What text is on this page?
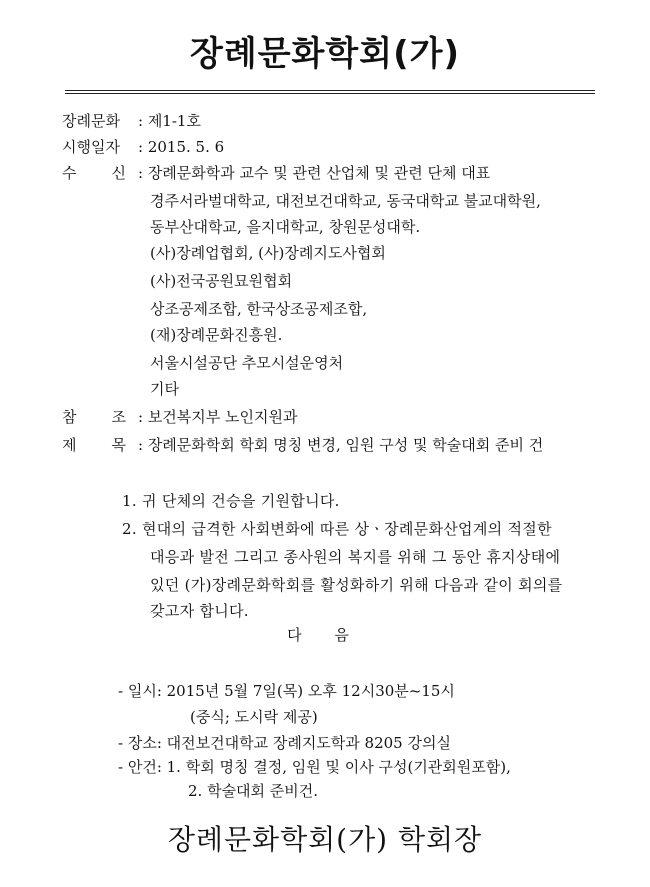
장례문화학회(가)
장례문화 : 제1-1호
시행일자 : 2015. 5. 6
수 신 : 장례문화학과 교수 및 관련 산업체 및 관련 단체 대표
경주서라벌대학교, 대전보건대학교, 동국대학교 불교대학원,
동부산대학교, 을지대학교, 창원문성대학.
(사)장례업협회, (사)장례지도사협회
(사)전국공원묘원협회
상조공제조합, 한국상조공제조합,
(재)장례문화진흥원.
서울시설공단 추모시설운영처
기타
참 조 : 보건복지부 노인지원과
제 목 : 장례문화학회 학회 명칭 변경, 임원 구성 및 학술대회 준비 건
1. 귀 단체의 건승을 기원합니다.
2. 현대의 급격한 사회변화에 따른 상ㆍ장례문화산업계의 적절한
대응과 발전 그리고 종사원의 복지를 위해 그 동안 휴지상태에
있던 (가)장례문화학회를 활성화하기 위해 다음과 같이 회의를
갖고자 합니다.
다 음
- 일시: 2015년 5월 7일(목) 오후 12시30분~15시
(중식; 도시락 제공)
- 장소: 대전보건대학교 장례지도학과 8205 강의실
- 안건: 1. 학회 명칭 결정, 임원 및 이사 구성(기관회원포함),
2. 학술대회 준비건.
장례문화학회(가) 학회장
